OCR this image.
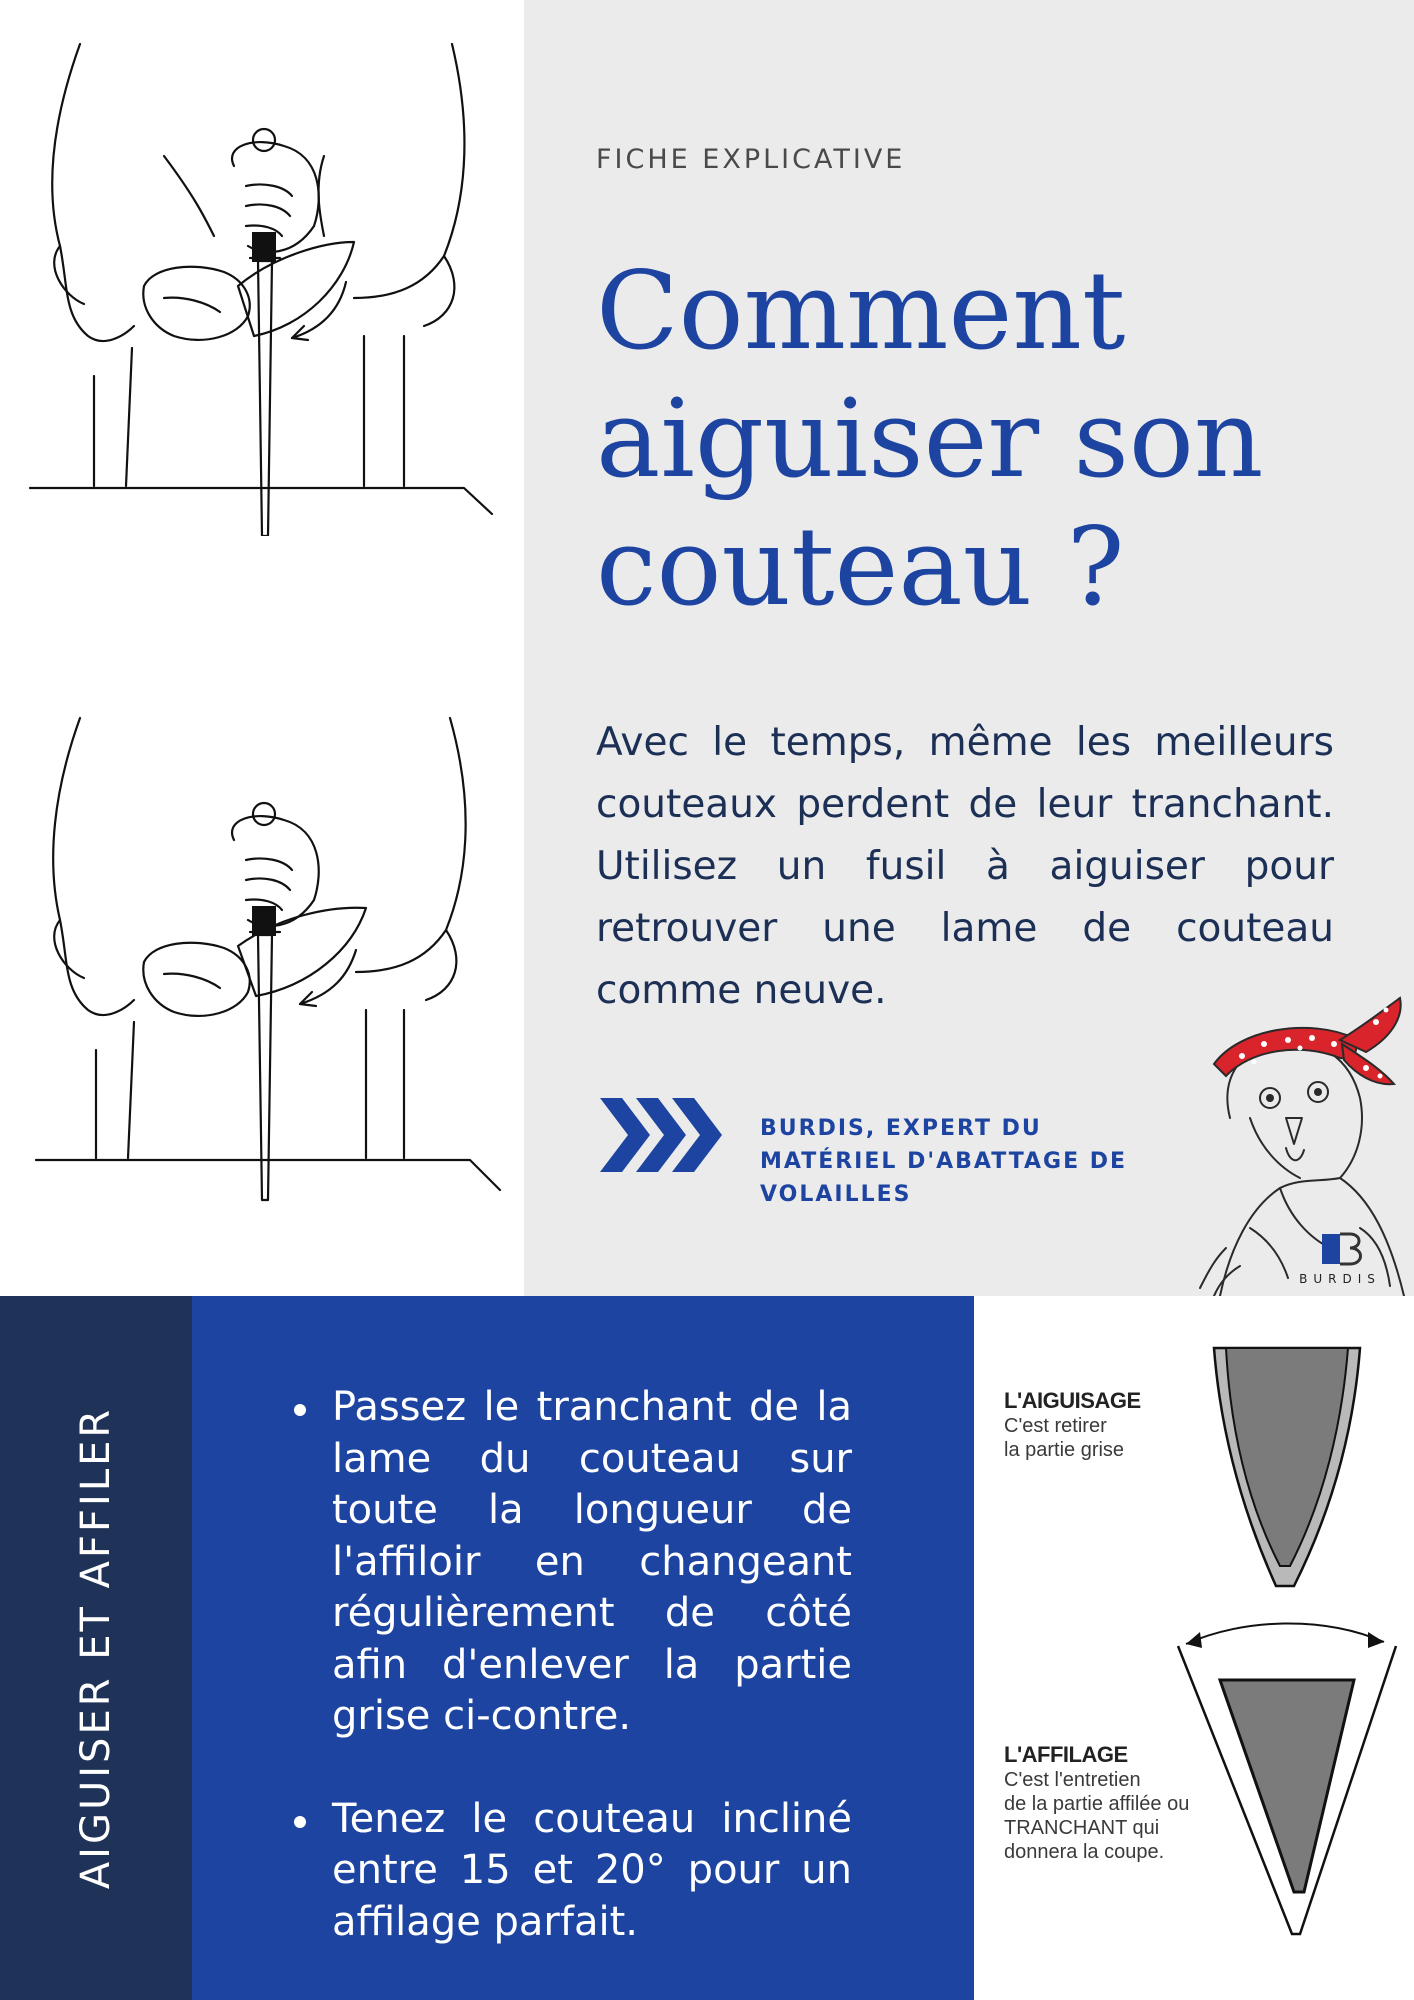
FICHE EXPLICATIVE
Comment aiguiser son couteau ?
Avec le temps, même les meilleurs couteaux perdent de leur tranchant. Utilisez un fusil à aiguiser pour retrouver une lame de couteau comme neuve.
BURDIS, EXPERT DU MATÉRIEL D'ABATTAGE DE VOLAILLES
BURDIS
AIGUISER ET AFFILER	Passez le tranchant de la lame du couteau sur toute la longueur de l'affiloir en changeant régulièrement de côté afin d'enlever la partie grise ci-contre.
Tenez le couteau incliné entre 15 et 20° pour un affilage parfait.
L'AIGUISAGE
C'est retirer
la partie grise
L'AFFILAGE
C'est l'entretien
de la partie affilée ou
TRANCHANT qui
donnera la coupe.
